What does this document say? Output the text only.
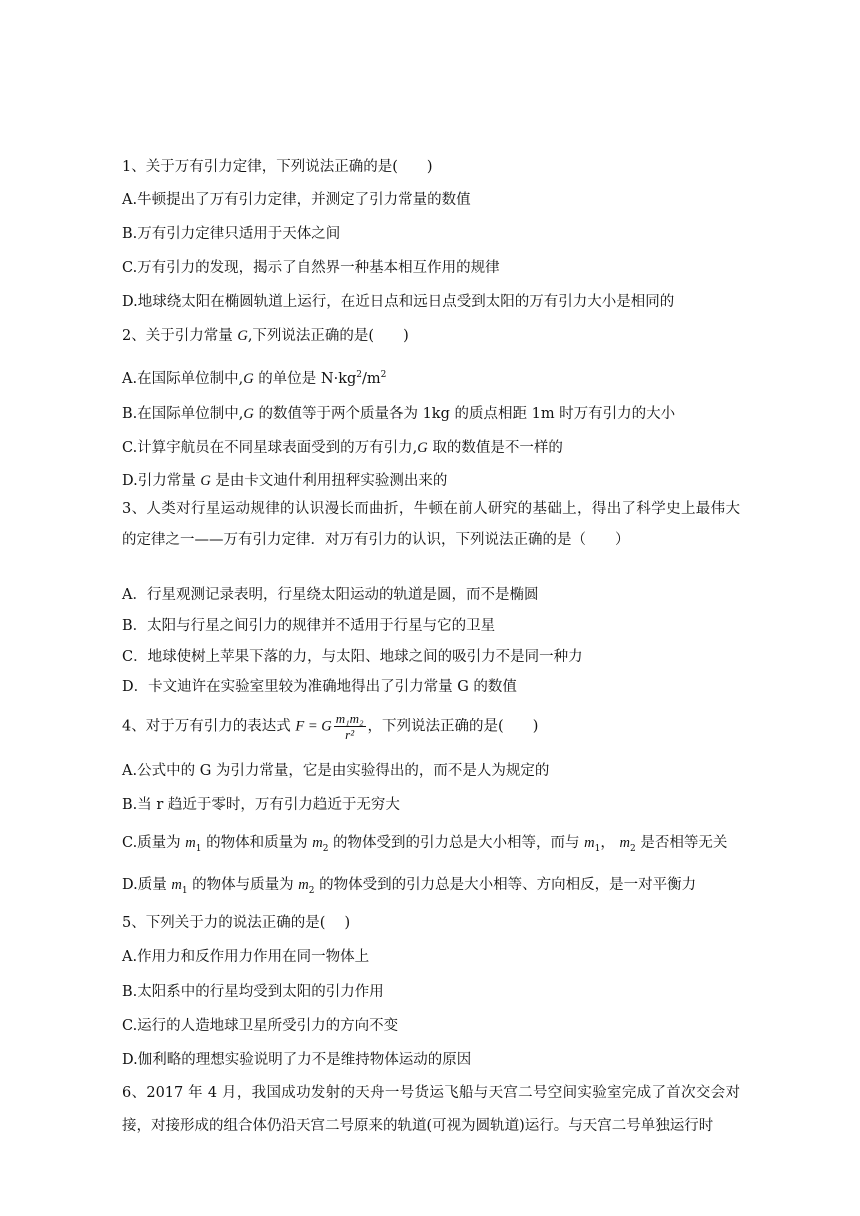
1、关于万有引力定律，下列说法正确的是(　　)
A.牛顿提出了万有引力定律，并测定了引力常量的数值
B.万有引力定律只适用于天体之间
C.万有引力的发现，揭示了自然界一种基本相互作用的规律
D.地球绕太阳在椭圆轨道上运行，在近日点和远日点受到太阳的万有引力大小是相同的
2、关于引力常量 G,下列说法正确的是(　　)
A.在国际单位制中,G 的单位是 $N\cdot kg^2/m^2$
B.在国际单位制中,G 的数值等于两个质量各为 1kg 的质点相距 1m 时万有引力的大小
C.计算宇航员在不同星球表面受到的万有引力,G 取的数值是不一样的
D.引力常量 G 是由卡文迪什利用扭秤实验测出来的
3、人类对行星运动规律的认识漫长而曲折，牛顿在前人研究的基础上，得出了科学史上最伟大的定律之一——万有引力定律．对万有引力的认识，下列说法正确的是（　　）
A．行星观测记录表明，行星绕太阳运动的轨道是圆，而不是椭圆
B．太阳与行星之间引力的规律并不适用于行星与它的卫星
C．地球使树上苹果下落的力，与太阳、地球之间的吸引力不是同一种力
D．卡文迪许在实验室里较为准确地得出了引力常量 G 的数值
4、对于万有引力的表达式 F = G $\frac{\text{m₁m₂}}{\text{r²}}$ ，下列说法正确的是(　　)
A.公式中的 G 为引力常量，它是由实验得出的，而不是人为规定的
B.当 r 趋近于零时，万有引力趋近于无穷大
C.质量为 $m_1$ 的物体和质量为 $m_2$ 的物体受到的引力总是大小相等，而与 $m_1$， $m_2$ 是否相等无关
D.质量 $m_1$ 的物体与质量为 $m_2$ 的物体受到的引力总是大小相等、方向相反，是一对平衡力
5、下列关于力的说法正确的是(　 )
A.作用力和反作用力作用在同一物体上
B.太阳系中的行星均受到太阳的引力作用
C.运行的人造地球卫星所受引力的方向不变
D.伽利略的理想实验说明了力不是维持物体运动的原因
6、2017 年 4 月，我国成功发射的天舟一号货运飞船与天宫二号空间实验室完成了首次交会对接，对接形成的组合体仍沿天宫二号原来的轨道(可视为圆轨道)运行。与天宫二号单独运行时
